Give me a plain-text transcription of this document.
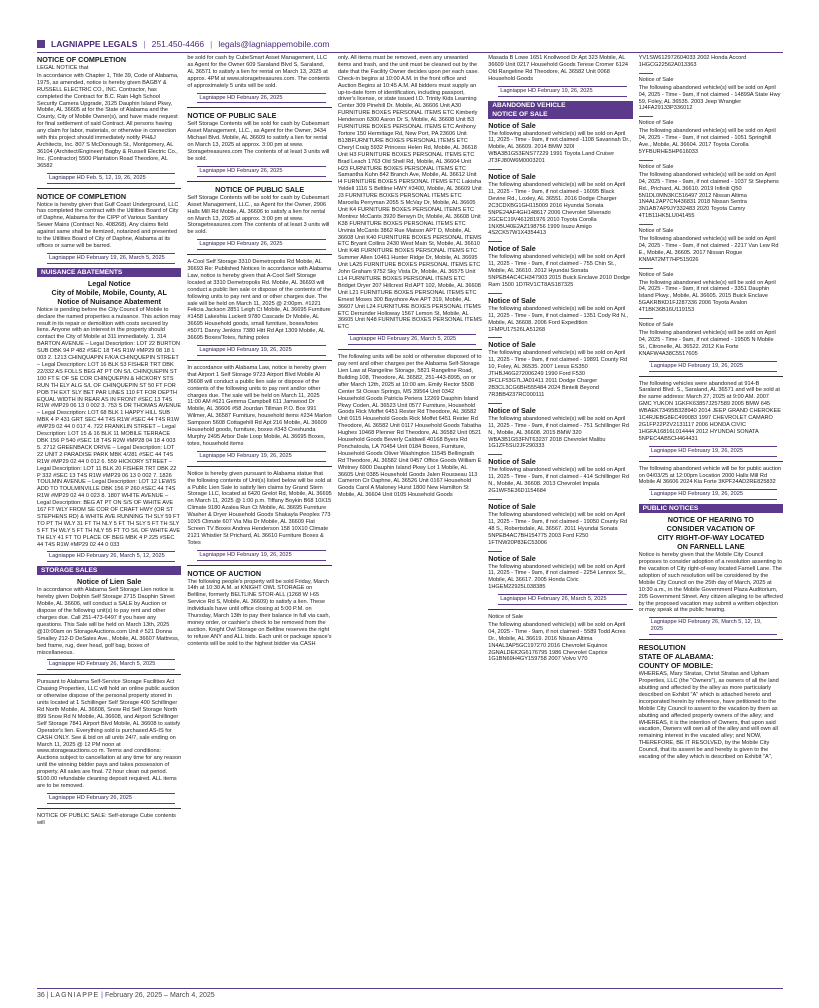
LAGNIAPPE LEGALS | 251.450-4466 | legals@lagniappemobile.com
NOTICE OF COMPLETION

LEGAL NOTICE that

In accordance with Chapter 1, Title 39, Code of Alabama, 1975, as amended, notice is hereby given BAGBY & RUSSELL ELECTRIC CO., INC. Contractor, has completed the Contract for B.C. Rain High School Security Camera Upgrade, 3125 Dauphin Island Pkwy, Mobile, AL 36605 at for the State of Alabama and the County, City of Mobile Owner(s), and have made request for final settlement of said Contract. All persons having any claim for labor, materials, or otherwise in connection with this project should immediately notify PH&J Architects, Inc. 807 S McDonough St., Montgomery, AL 36104 (Architect/Engineer) Bagby & Russell Electric Co., Inc. (Contractor) 5500 Plantation Road Theodore, AL 36582

Lagniappe HD Feb. 5, 12, 19, 26, 2025
NOTICE OF COMPLETION

Notice is hereby given that Gulf Coast Underground, LLC has completed the contract with the Utilities Board of City of Daphne, Alabama for the CIPP of Various Sanitary Sewer Mains (Contract No. 408268). Any claims field against same shall be itemized, notarized and presented to the Utilities Board of City of Daphne, Alabama at its offices or same will be barred.

Lagniappe HD February 19, 26, March 5, 2025
NUISANCE ABATEMENTS
Legal Notice
City of Mobile, Mobile, County, AL
Notice of Nuisance Abatement

Notice is pending before the City Council of Mobile to declare the named properties a nuisance. This action may result in its repair or demolition with costs secured by liens. Anyone with an interest in the property should contact the City of Mobile at 311 immediately. 1. 314 BARTON AVENUE – Legal Description: LOT 22 BURTON SUB DBK 94 P 482 #SEC 18 T4S R1W #MP29 08 18 1 003 2. 1213 CHINQUAPIN F/K/A CHINQUEPIN STREET – Legal Description: LOT 16 BLK 53 FISHER TRT DBK 22/332 AS FOLLS BEG AT PT ON S/L CHINQUEPIN ST 100 FT E OF SE COR CHINQUEPIN & HICKORY STS RUN TH ELY ALG S/L OF CHINQUEPIN ST 50 FT FOR POB TH EXT SLY BET PAR LINES 110 FT FOR DEPTH EQUAL WIDTH IN REAR AS IN FRONT #SEC 13 T4S R1W #MP29 06 13 0 002 3. 753 S DR THOMAS AVENUE – Legal Description: LOT 68 BLK 1 HAPPY HILL SUB MBK 4 P 431 GRT SEC 44 T4S R1W #SEC 44 T4S R1W #MP29 02 44 0 017 4. 722 FRANKLIN STREET – Legal Description: LOT 15 & 16 BLK 11 MOBILE TERRACE DBK 156 P 540 #SEC 18 T4S R2W #MP28 04 18 4 003 5. 2712 GREENBACK DRIVE – Legal Description: LOT 22 UNIT 2 PARADISE PARK MBK 4/281 #SEC 44 T4S R1W #MP29 02 44 0 012 6. 559 HICKORY STREET – Legal Description: LOT 11 BLK 20 FISHER TRT DBK 22 P 332 #SEC 13 T4S R1W #MP29 06 13 0 002 7. 1826 TOULMIN AVENUE – Legal Description: LOT 12 LEWIS ADD TO TOULMINVILLE DBK 156 P 260 #SEC 44 T4S R1W #MP29 02 44 0 023 8. 1807 WHITE AVENUE – Legal Description: BEG AT PT ON S/S OF WHITE AVE 167 FT WLY FROM SE COR OF CRAFT HWY (OR ST STEPHENS RD) & WHITE AVE RUNNING TH SLY 59 FT TO PT TH WLY 31 FT TH NLY 5 FT TH SLY 5 FT TH SLY 5 FT TH WLY 5 FT TH NLY 55 FT TO S/L OF WHITE AVE TH ELY 41 FT TO PLACE OF BEG MBK 4 P 225 #SEC 44 T4S R1W #MP29 02 44 0 033

Lagniappe HD February 26, March 5, 12, 2025
STORAGE SALES
Notice of Lien Sale

In accordance with Alabama Self Storage Lien notice is hereby given Dolphin Self Storage 2715 Dauphin Street Mobile, AL 36606, will conduct a SALE by Auction or dispose of the following unit(s) to pay rent and other charges due. Call 251-473-6497 if you have any questions. This Sale will be held on March 13th, 2025 @10:00am on StorageAuctions.com Unit # 521 Donna Smalley 212-D DeSales Ave., Mobile, AL 36607 Mattress, bed frame, rug, deer head, golf bag, boxes of miscellaneous.

Lagniappe HD February 26, March 5, 2025

Pursuant to Alabama Self-Service Storage Facilities Act Chasing Properties, LLC will hold an online public auction or otherwise dispose of the personal property stored in units located at 1 Schillinger Self Storage 400 Schillinger Rd North Mobile, AL 36608, Snow Rd Self Storage North 899 Snow Rd N Mobile, AL 36608, and Airport Schillinger Self Storage 7841 Airport Blvd Mobile, AL 36608 to satisfy Operator's lien. Everything sold is purchased AS-IS for CASH ONLY. See & bid on all units 24/7, sale ending on March 11, 2025 @ 12 PM noon at www.storageauctions.co m. Terms and conditions: Auctions subject to cancellation at any time for any reason until the winning bidder pays and takes possession of property. All sales are final. 72 hour clean out period. $100.00 refundable cleaning deposit required. ALL items are to be removed.

Lagniappe HD February 26, 2025

NOTICE OF PUBLIC SALE: Self-storage Cube contents will

be sold for cash by CubeSmart Asset Management, LLC as Agent for the Owner 609 Saraland Blvd S, Saraland, AL 36571 to satisfy a lien for rental on March 13, 2025 at approx. 4PM at www.storagetreasures.com. The contents of approximately 5 units will be sold.

Lagniappe HD February 26, 2025
NOTICE OF PUBLIC SALE

Self Storage Contents will be sold for cash by Cubesmart Asset Management, LLC., as Agent for the Owner, 3434 Michael Blvd. Mobile, AL 36609 to satisfy a lien for rental on March 13, 2025 at approx. 3:00 pm at www. Storagetreasures.com The contents of at least 3 units will be sold.

Lagniappe HD February 26, 2025
NOTICE OF PUBLIC SALE

Self Storage Contents will be sold for cash by Cubesmart Asset Management, LLC., as Agent for the Owner, 2906 Halls Mill Rd Mobile, AL 36606 to satisfy a lien for rental on March 13, 2025 at approx. 3:00 pm at www. Storagetreasures.com The contents of at least 3 units will be sold.

Lagniappe HD February 26, 2025

A-Cool Self Storage 3310 Demetropolis Rd Mobile, AL 36693 Re: Published Notices In accordance with Alabama Law, notice is hereby given that A-Cool Self Storage located at 3310 Demetropolis Rd. Mobile, AL 36693 will conduct a public lien sale or dispose of the contents of the following units to pay rent and or other charges due. The sale will be held on March 11, 2025 @ 2:00pm. #1221 Felicia Jackson 2851 Leigh Ct Mobile, AL 36695 Furniture #1458 Lakeshia Luckett 9780 Cascade Dr Mobile, AL 36695 Household goods, small furniture, boxes/totes #5071 Danny Jenkins 7380 Hitt Rd Apt 1309 Mobile, AL 36695 Boxes/Totes, fishing poles

Lagniappe HD February 19, 26, 2025

In accordance with Alabama Law, notice is hereby given that Airport 1 Self Storage 9723 Airport Blvd Mobile Al 36608 will conduct a public lien sale or dispose of the contents of the following units to pay rent and/or other charges due. The sale will be held on March 11, 2025 11:00 AM #621 Gemma Campbell 611 Jamwood Dr Mobile, AL 36606 #58 Jourdan Tillman P.O. Box 991 Wilmer, AL 36587 Furniture, household items #234 Marlon Sampson 5608 Cottagehill Rd Apt 216 Mobile, AL 36609 Household goods, furniture, boxes #343 Creshunda Murphy 2495 Arbor Dale Loop Mobile, AL 36695 Boxes, totes, household items

Lagniappe HD February 19, 26, 2025

Notice is hereby given pursuant to Alabama statue that the following contents of Unit(s) listed below will be sold at a Public Lien Sale to satisfy lien claims by Grand Stem Storage LLC, located at 6420 Grelot Rd, Mobile, AL 36695 on March 11, 2025 @ 1:00 p.m. Tiffany Boykin B68 10X15 Climate 9180 Azalea Run Ct Mobile, AL 36695 Furniture Washer & Dryer Household Goods Shakayla Peoples 773 10X5 Climate 607 Via Mia Dr Mobile, AL 36609 Flat Screen TV Boxes Andrea Henderson 158 10X10 Climate 2121 Whistler St Prichard, AL 36610 Furniture Boxes & Totes

Lagniappe HD February 19, 26, 2025
NOTICE OF AUCTION

The following people's property will be sold Friday, March 14th at 10:30 A.M. at KNIGHT OWL STORAGE on Beltline, formerly BELTLINE STOR-ALL (1268 W I-65 Service Rd S, Mobile, AL 36609) to satisfy a lien. These individuals have until office closing at 5:00 P.M. on Thursday, March 13th to pay their balance in full via cash, money order, or cashier's check to be removed from the auction. Knight Owl Storage on Beltline reserves the right to refuse ANY and ALL bids. Each unit or package space's contents will be sold to the highest bidder via CASH

only. All items must be removed, even any unwanted items and trash, and the unit must be cleaned out by the date that the Facility Owner decides upon per each case. Check-in begins at 10:00 A.M. in the front office and Auction Begins at 10:45 A.M. All bidders must supply an up-to-date form of identification, including passport, driver's license, or state issued I.D. Trinity Kids Learning Center 309 Pinehill Dr. Mobile, AL 36606 Unit A30 FURNITURE BOXES PERSONAL ITEMS ETC Kimberly Henderson 6300 Aaron Dr S, Mobile, AL 36608 Unit B3 FURNITURE BOXES PERSONAL ITEMS ETC Anthony Tortore 150 Hermitage Rd, New Port, PA 23606 Unit B13BFURNITURE BOXES PERSONAL ITEMS ETC Cheryl Craig 5932 Princess Helen Rd, Mobile, AL 36618 Unit H3 FURNITURE BOXES PERSONAL ITEMS ETC Brad Leach 1763 Old Shell Rd, Mobile, AL 36604 Unit H23 FURNITURE BOXES PERSONAL ITEMS ETC Samantha Kuhn 842 Branch Ave, Mobile, AL 36612 Unit I4 FURNITURE BOXES PERSONAL ITEMS ETC Lakisha Yeldell 1116 S Beltline HWY #3400, Mobile, AL 36609 Unit J3 FURNITURE BOXES PERSONAL ITEMS ETC Marcella Perryman 2055 S McVay Dr, Mobile, AL 36605 Unit K4 FURNITURE BOXES PERSONAL ITEMS ETC Montrez McCants 3920 Berwyn Dr, Mobile, AL 36608 Unit K38 FURNITURE BOXES PERSONAL ITEMS ETC Urvinia McCants 3862 Rue Maison APT D, Mobile, AL 36608 Unit K40 FURNITURE BOXES PERSONAL ITEMS ETC Bryant Collins 2430 West Main St, Mobile, AL 36610 Unit K48 FURNITURE BOXES PERSONAL ITEMS ETC Summer Allen 10461 Hunter Ridge Dr, Mobile, AL 36695 Unit LA25 FURNITURE BOXES PERSONAL ITEMS ETC John Graham 9752 Sky Vista Dr, Mobile, AL 36575 Unit L14 FURNITURE BOXES PERSONAL ITEMS ETC Bridget Dryer 207 Hillcrest Rd APT 102, Mobile, AL 36608 Unit L21 FURNITURE BOXES PERSONAL ITEMS ETC Ernest Moses 300 Bayshore Ave APT 319, Mobile, AL 36607 Unit L24 FURNITURE BOXES PERSONAL ITEMS ETC Derrunder Holloway 1567 Lemon St, Mobile, AL 36605 Unit N48 FURNITURE BOXES PERSONAL ITEMS ETC

Lagniappe HD February 26, March 5, 2025

The following units will be sold or otherwise disposed of to pay rent and other charges per the Alabama Self-Storage Lien Law at Rangeline Storage, 5821 Rangeline Road, Building 108, Theodore, AL 36582, 251-443-8995, on or after March 12th, 2025 at 10:00 am. Emily Rector 5508 Center St Ocean Springs, MS 39564 Unit 0342 Household Goods Patricia Periera 12269 Dauphin Island Pkwy Coden, AL 36523 Unit 0577 Furniture, Household Goods Rick Moffet 6451 Rester Rd Theodore, AL 36582 Unit 0115 Household Goods Rick Moffet 6451 Rester Rd Theodore, AL 36582 Unit 0117 Household Goods Tabatha Hughes 10468 Plenner Rd Theodore, AL 36582 Unit 0521 Household Goods Beverly Caldwell 40168 Byers Rd Ponchatoula, LA 70454 Unit 0184 Boxes, Furniture, Household Goods Oliver Washington 11545 Bellingrath Rd Theodore, AL 36582 Unit 0457 Office Goods William E Whitney 6900 Dauphin Island Pkwy Lot 1 Mobile, AL 36605 Unit 0385 Household Goods Jalen Rousseau 113 Cameron Cir Daphne, AL 36526 Unit 0167 Household Goods Carol A Maloney Hurst 1800 New Hamilton St Mobile, AL 36604 Unit 0105 Household Goods

Masada B Lowe 1651 Knollwood Dr Apt 323 Mobile, AL 36609 Unit 0217 Household Goods Terese Cromer 6124 Old Rangeline Rd Theodore, AL 36582 Unit 0068 Household Goods

Lagniappe HD February 19, 26, 2025
ABANDONED VEHICLE
NOTICE OF SALE
Notice of Sale

The following abandoned vehicle(s) will be sold on April 11, 2025 - Time - 9am, if not claimed -1108 Savannah Dr., Mobile, AL 36609. 2014 BMW 320I WBA3B1G53ENS77229 1991 Toyota Land Cruiser JT3FJ80W6M0003201

Notice of Sale

The following abandoned vehicle(s) will be sold on April 11, 2025 - Time - 9am, if not claimed - 16095 Black Devine Rd., Loxley, AL 36551. 2016 Dodge Charger 2C3CDXBG1GH115009 2016 Hyundai Sonata 5NPE24AF4GH148617 2006 Chevrolet Silverado 2GCEC19V461281976 2010 Toyota Corolla 1NXBU40E2AZ198756 1999 Isuzu Amigo 4S2CK57W1X4354413

Notice of Sale

The following abandoned vehicle(s) will be sold on April 11, 2025 - Time - 9am, if not claimed - 755 Chin St., Mobile, AL 36610. 2012 Hyundai Sonata 5NPEB4AC4CH347903 2015 Buick Enclave 2010 Dodge Ram 1500 1D7RV1CT8AS187325

Notice of Sale

The following abandoned vehicle(s) will be sold on April 11, 2025 - Time - 9am, if not claimed - 1351 Cody Rd N., Mobile, AL 36608. 2006 Ford Expedition 1FMPU17526LA51268

Notice of Sale

The following abandoned vehicle(s) will be sold on April 11, 2025 - Time - 9am, if not claimed - 19891 County Rd 10, Foley, AL 36535. 2007 Lexus ES350 JTHBJ46G272006249 1990 Ford F530 3FCLF53G7LJA01411 2011 Dodge Charger 2B3CL3CG6BH555484 2024 Bintelli Beyond 7R3BB4237RC000111

Notice of Sale

The following abandoned vehicle(s) will be sold on April 11, 2025 - Time - 9am, if not claimed - 751 Schillinger Rd N., Mobile, AL 36608. 2015 BMW 320 WBA3B1G53FNT63237 2018 Chevrolet Malibu 1G1ZF5SU2JF290333

Notice of Sale

The following abandoned vehicle(s) will be sold on April 11, 2025 - Time - 9am, if not claimed - 414 Schillinger Rd N., Mobile, AL 36608. 2013 Chevrolet Impala 2G1WF5E36D1154684

Notice of Sale

The following abandoned vehicle(s) will be sold on April 11, 2025 - Time - 9am, if not claimed - 19050 County Rd 48 S., Robertsdale, AL 36567. 2011 Hyundai Sonata 5NPEB4AC7BH154775 2003 Ford F250 1FTNW20P83EC53006

Notice of Sale

The following abandoned vehicle(s) will be sold on April 11, 2025 - Time - 9am, if not claimed - 2254 Lennox St., Mobile, AL 36617. 2005 Honda Civic 1HGEM22925L038385

Lagniappe HD February 26, March 5, 2025

Notice of Sale

The following abandoned vehicle(s) will be sold on April 04, 2025 - Time - 9am, if not claimed - 5589 Todd Acres Dr., Mobile, AL 36619. 2016 Nissan Altima 1N4AL3AP5GC197270 2016 Chevrolet Equinox 2GNALDEK2G6176795 1986 Chevrolet Caprice 1G1BN69H4GY159758 2007 Volvo V70

YV1SW612972604033 2002 Honda Accord 1HGCG22562A013363

Notice of Sale

The following abandoned vehicle(s) will be sold on April 04, 2025 - Time - 9am, if not claimed - 14899A State Hwy 59, Foley, AL 36535. 2003 Jeep Wrangler 1J4FA29133P336012

Notice of Sale

The following abandoned vehicle(s) will be sold on April 04, 2025 - Time - 9am, if not claimed - 1051 Springhill Ave., Mobile, AL 36604. 2017 Toyota Corolla 5YFBURHE5HP616033

Notice of Sale

The following abandoned vehicle(s) will be sold on April 04, 2025 - Time - 9am, if not claimed - 1037 St Stephens Rd., Prichard, AL 36610. 2019 Infiniti Q50 5N1DL0MN3KC516497 2012 Nissan Altima 1N4AL2AP7CN436831 2018 Nissan Sentra 3N1AB7AP9JY332483 2020 Toyota Camry 4T1B11HK5LU041455

Notice of Sale

The following abandoned vehicle(s) will be sold on April 04, 2025 - Time - 9am, if not claimed - 2217 Van Lew Rd E., Mobile, AL 36605. 2017 Nissan Rogue KNMAT2MT7HP515026

Notice of Sale

The following abandoned vehicle(s) will be sold on April 04, 2025 - Time - 9am, if not claimed - 3351 Dauphin Island Pkwy., Mobile, AL 36605. 2015 Buick Enclave 5GAKRBKD1FJ287336 2006 Toyota Avalon 4T1BK36B16U119153

Notice of Sale

The following abandoned vehicle(s) will be sold on April 04, 2025 - Time - 9am, if not claimed - 19505 N Mobile St., Citronelle, AL 36522. 2012 Kia Forte KNAFW4A38C5517605

Lagniappe HD February 19, 26, 2025

The following vehicles were abandoned at 914-B Saraland Blvd. S., Saraland, AL 36571 and will be sold at the same address: March 27, 2025 at 9:00 AM. 2007 GMC YUKON 1GKFK63857J257589 2005 BMW 645 WBAEK73495B328940 2014 JEEP GRAND CHEROKEE 1C4RJEBG8EC499083 1997 CHEVROLET CAMARO 2G1FP22P2V2131117 2006 HONDA CIVIC 1HGFA16816L014444 2012 HYUNDAI SONATA 5NPEC4AB5CH464431

Lagniappe HD February 19, 26, 2025

The following abandoned vehicle will be for public auction on 04/03/25 at 12:00pm Location 2000 Halls Mill Rd Mobile Al 36606 2024 Kia Forte 3KPF24AD2RE825832

Lagniappe HD February 19, 26, 2025
PUBLIC NOTICES
NOTICE OF HEARING TO
CONSIDER VACATION OF
CITY RIGHT-OF-WAY LOCATED
ON FARNELL LANE

Notice is hereby given that the Mobile City Council proposes to consider adoption of a resolution assenting to the vacation of City right-of-way located Farnell Lane. The adoption of such resolution will be considered by the Mobile City Council on the 25th day of March, 2025 at 10:30 a.m., in the Mobile Government Plaza Auditorium, 205 Government Street. Any citizen alleging to be affected by the proposed vacation may submit a written objection or may speak at the public hearing.

Lagniappe HD February 26, March 5, 12, 19, 2025
RESOLUTION
STATE OF ALABAMA:
COUNTY OF MOBILE:

WHEREAS, Mary Stratas, Christ Stratas and Upham Properties, LLC (the "Owners"), as owners of all the land abutting and affected by the alley as more particularly described on Exhibit "A" which is attached hereto and incorporated herein by reference, have petitioned to the Mobile City Council to assent to the vacation by them as abutting and affected property owners of the alley; and WHEREAS, it is the intention of Owners, that upon said vacation, Owners will own all of the alley and will own all remaining interest in the vacated alley; and NOW, THEREFORE, BE IT RESOLVED, by the Mobile City Council, that its assent be and hereby is given to the vacating of the alley which is described on Exhibit "A",

36 | LAGNIAPPE | February 26, 2025 – March 4, 2025
